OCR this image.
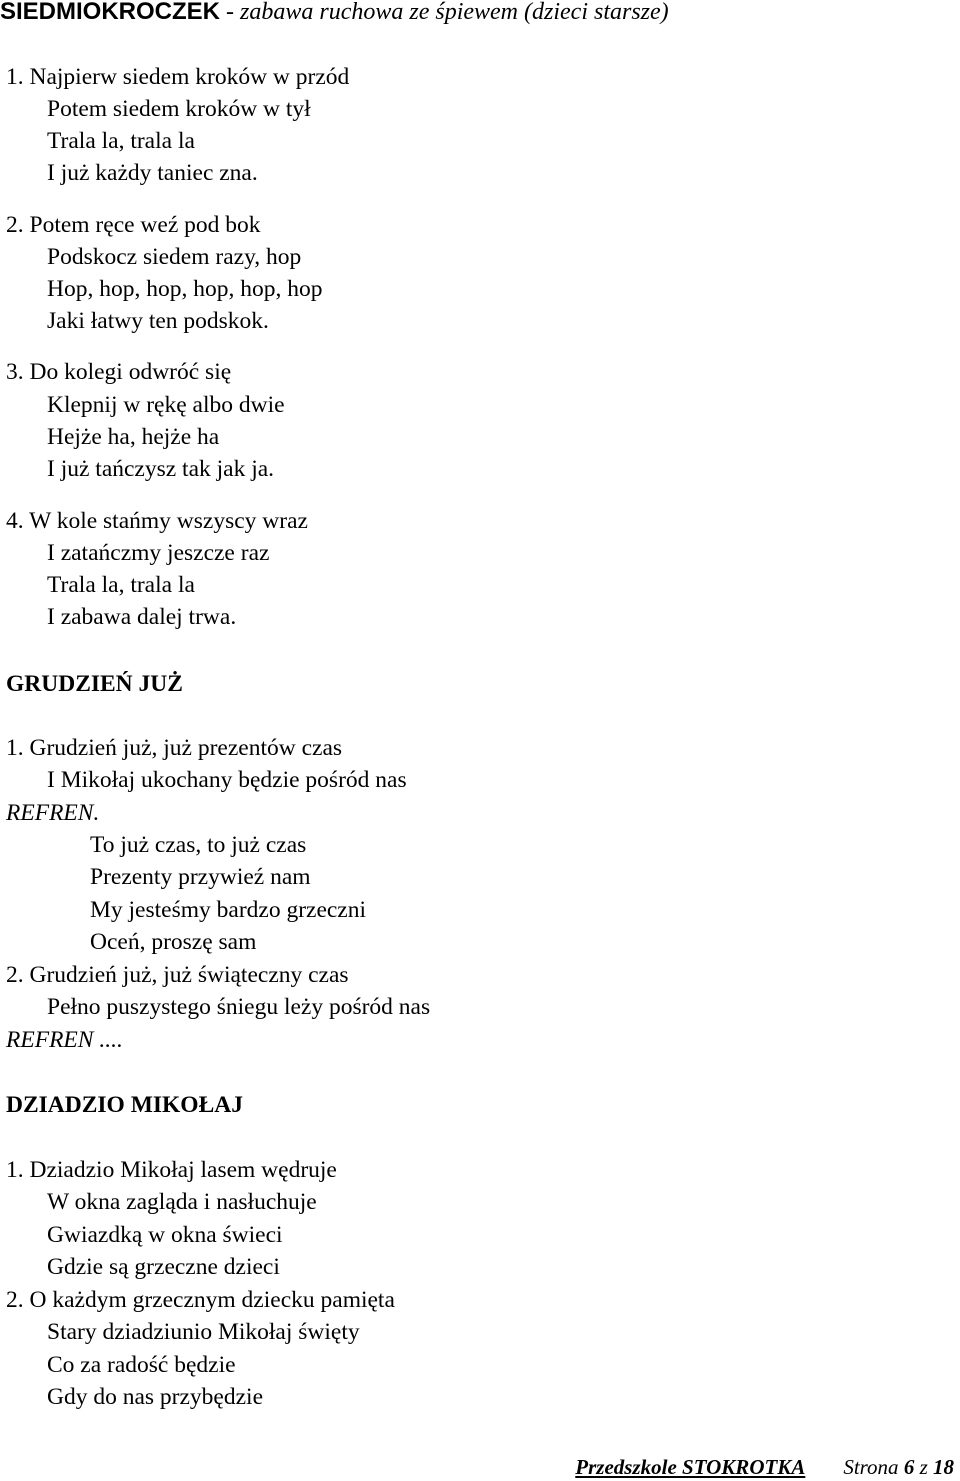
SIEDMIOKROCZEK - zabawa ruchowa ze śpiewem (dzieci starsze)
1. Najpierw siedem kroków w przód
Potem siedem kroków w tył
Trala la, trala la
I już każdy taniec zna.
2. Potem ręce weź pod bok
Podskocz siedem razy, hop
Hop, hop, hop, hop, hop, hop
Jaki łatwy ten podskok.
3. Do kolegi odwróć się
Klepnij w rękę albo dwie
Hejże ha, hejże ha
I już tańczysz tak jak ja.
4. W kole stańmy wszyscy wraz
I zatańczmy jeszcze raz
Trala la, trala la
I zabawa dalej trwa.
GRUDZIEŃ JUŻ
1. Grudzień już, już prezentów czas
I Mikołaj ukochany będzie pośród nas
REFREN.
To już czas, to już czas
Prezenty przywieź nam
My jesteśmy bardzo grzeczni
Oceń, proszę sam
2. Grudzień już, już świąteczny czas
Pełno puszystego śniegu leży pośród nas
REFREN ....
DZIADZIO MIKOŁAJ
1. Dziadzio Mikołaj lasem wędruje
W okna zagląda i nasłuchuje
Gwiazdką w okna świeci
Gdzie są grzeczne dzieci
2. O każdym grzecznym dziecku pamięta
Stary dziadziunio Mikołaj święty
Co za radość będzie
Gdy do nas przybędzie
Przedszkole STOKROTKA Strona 6 z 18
